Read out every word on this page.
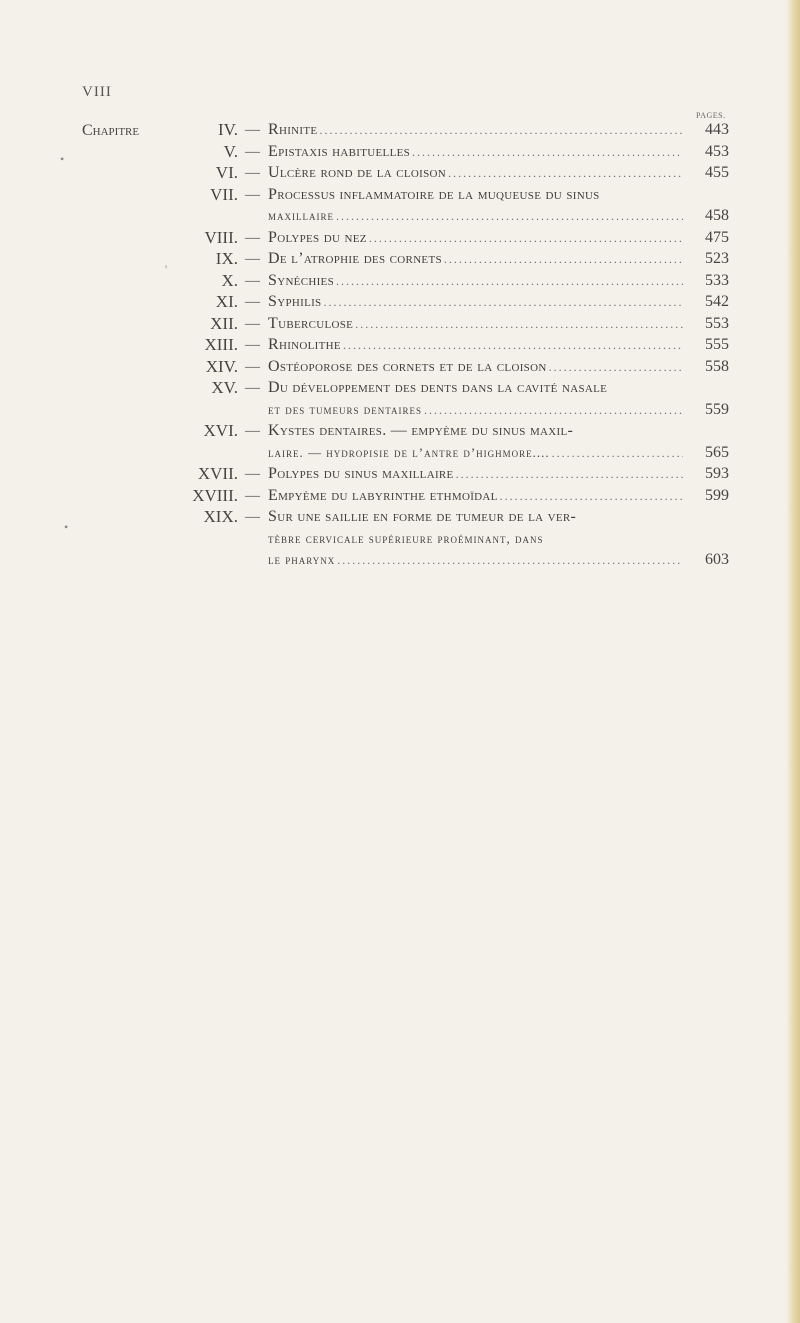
VIII
PAGES.
Chapitre	IV. — Rhinite .....	443
V. — Epistaxis habituelles .....	453
VI. — Ulcère rond de la cloison .....	455
VII. — Processus inflammatoire de la muqueuse du sinus
maxillaire .....	458
VIII. — Polypes du nez .....	475
IX. — De l’atrophie des cornets .....	523
X. — Synéchies .....	533
XI. — Syphilis .....	542
XII. — Tuberculose .....	553
XIII. — Rhinolithe .....	555
XIV. — Ostéoporose des cornets et de la cloison .....	558
XV. — Du développement des dents dans la cavité nasale
et des tumeurs dentaires .....	559
XVI. — Kystes dentaires. — empyème du sinus maxil-
laire. — hydropisie de l’antre d’highmore.... .....	565
XVII. — Polypes du sinus maxillaire .....	593
XVIII. — Empyème du labyrinthe ethmoïdal .....	599
XIX. — Sur une saillie en forme de tumeur de la ver-
tèbre cervicale supérieure proéminant, dans
le pharynx .....	603
•
'
•
